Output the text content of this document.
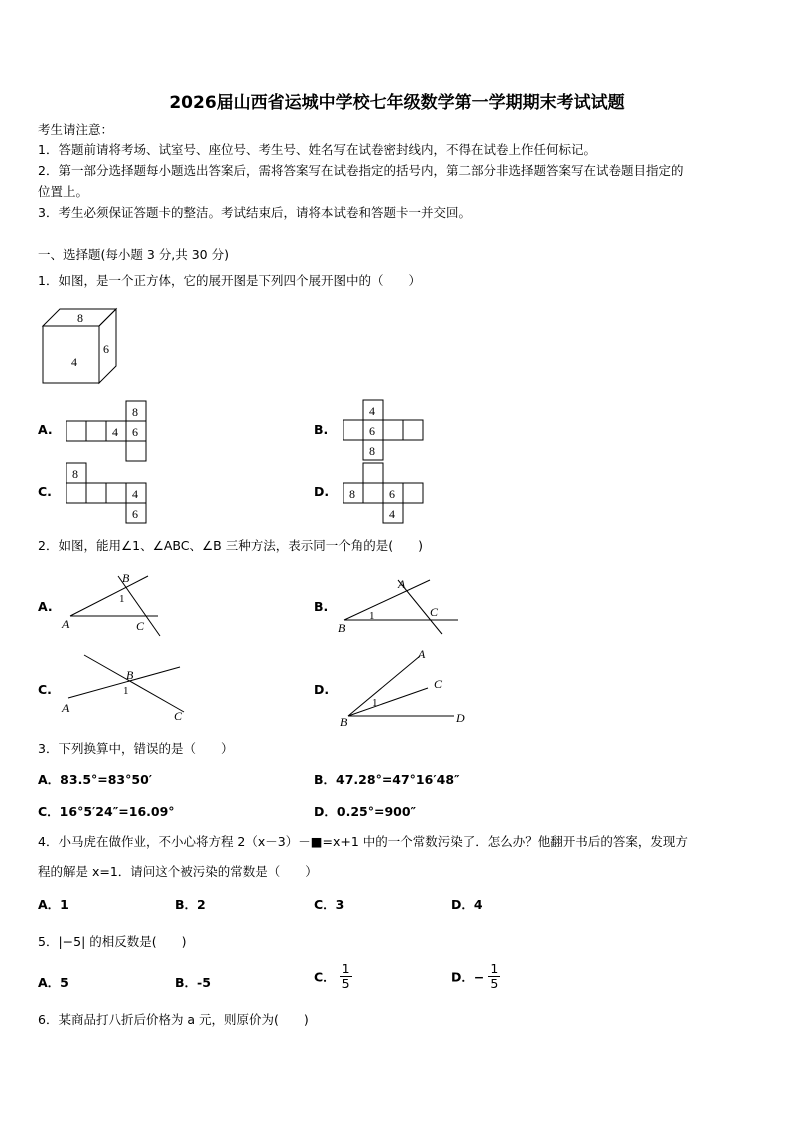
2026届山西省运城中学校七年级数学第一学期期末考试试题
考生请注意：
1．答题前请将考场、试室号、座位号、考生号、姓名写在试卷密封线内，不得在试卷上作任何标记。
2．第一部分选择题每小题选出答案后，需将答案写在试卷指定的括号内，第二部分非选择题答案写在试卷题目指定的
位置上。
3．考生必须保证答题卡的整洁。考试结束后，请将本试卷和答题卡一并交回。
一、选择题(每小题 3 分,共 30 分)
1．如图，是一个正方体，它的展开图是下列四个展开图中的（　　）
8
4
6
A.	B.
C.	D.
8
4 6
4
6
8
8
4
6
8	6
4
2．如图，能用∠1、∠ABC、∠B 三种方法，表示同一个角的是(　　)
A.	B.
C.	D.
B
1
A	C
A
1
B
C
B
1
A
C
A
C
1
B	D
3．下列换算中，错误的是（　　）
A．83.5°=83°50′	B．47.28°=47°16′48″
C．16°5′24″=16.09°	D．0.25°=900″
4．小马虎在做作业，不小心将方程 2（x－3）－■=x+1 中的一个常数污染了．怎么办？他翻开书后的答案，发现方
程的解是 x=1．请问这个被污染的常数是（　　）
A．1	B．2	C．3	D．4
5．|−5| 的相反数是(　　)
A．5	B．-5	C． $\frac{1}{5}$	D．− $\frac{1}{5}$
6．某商品打八折后价格为 a 元，则原价为(　　)
